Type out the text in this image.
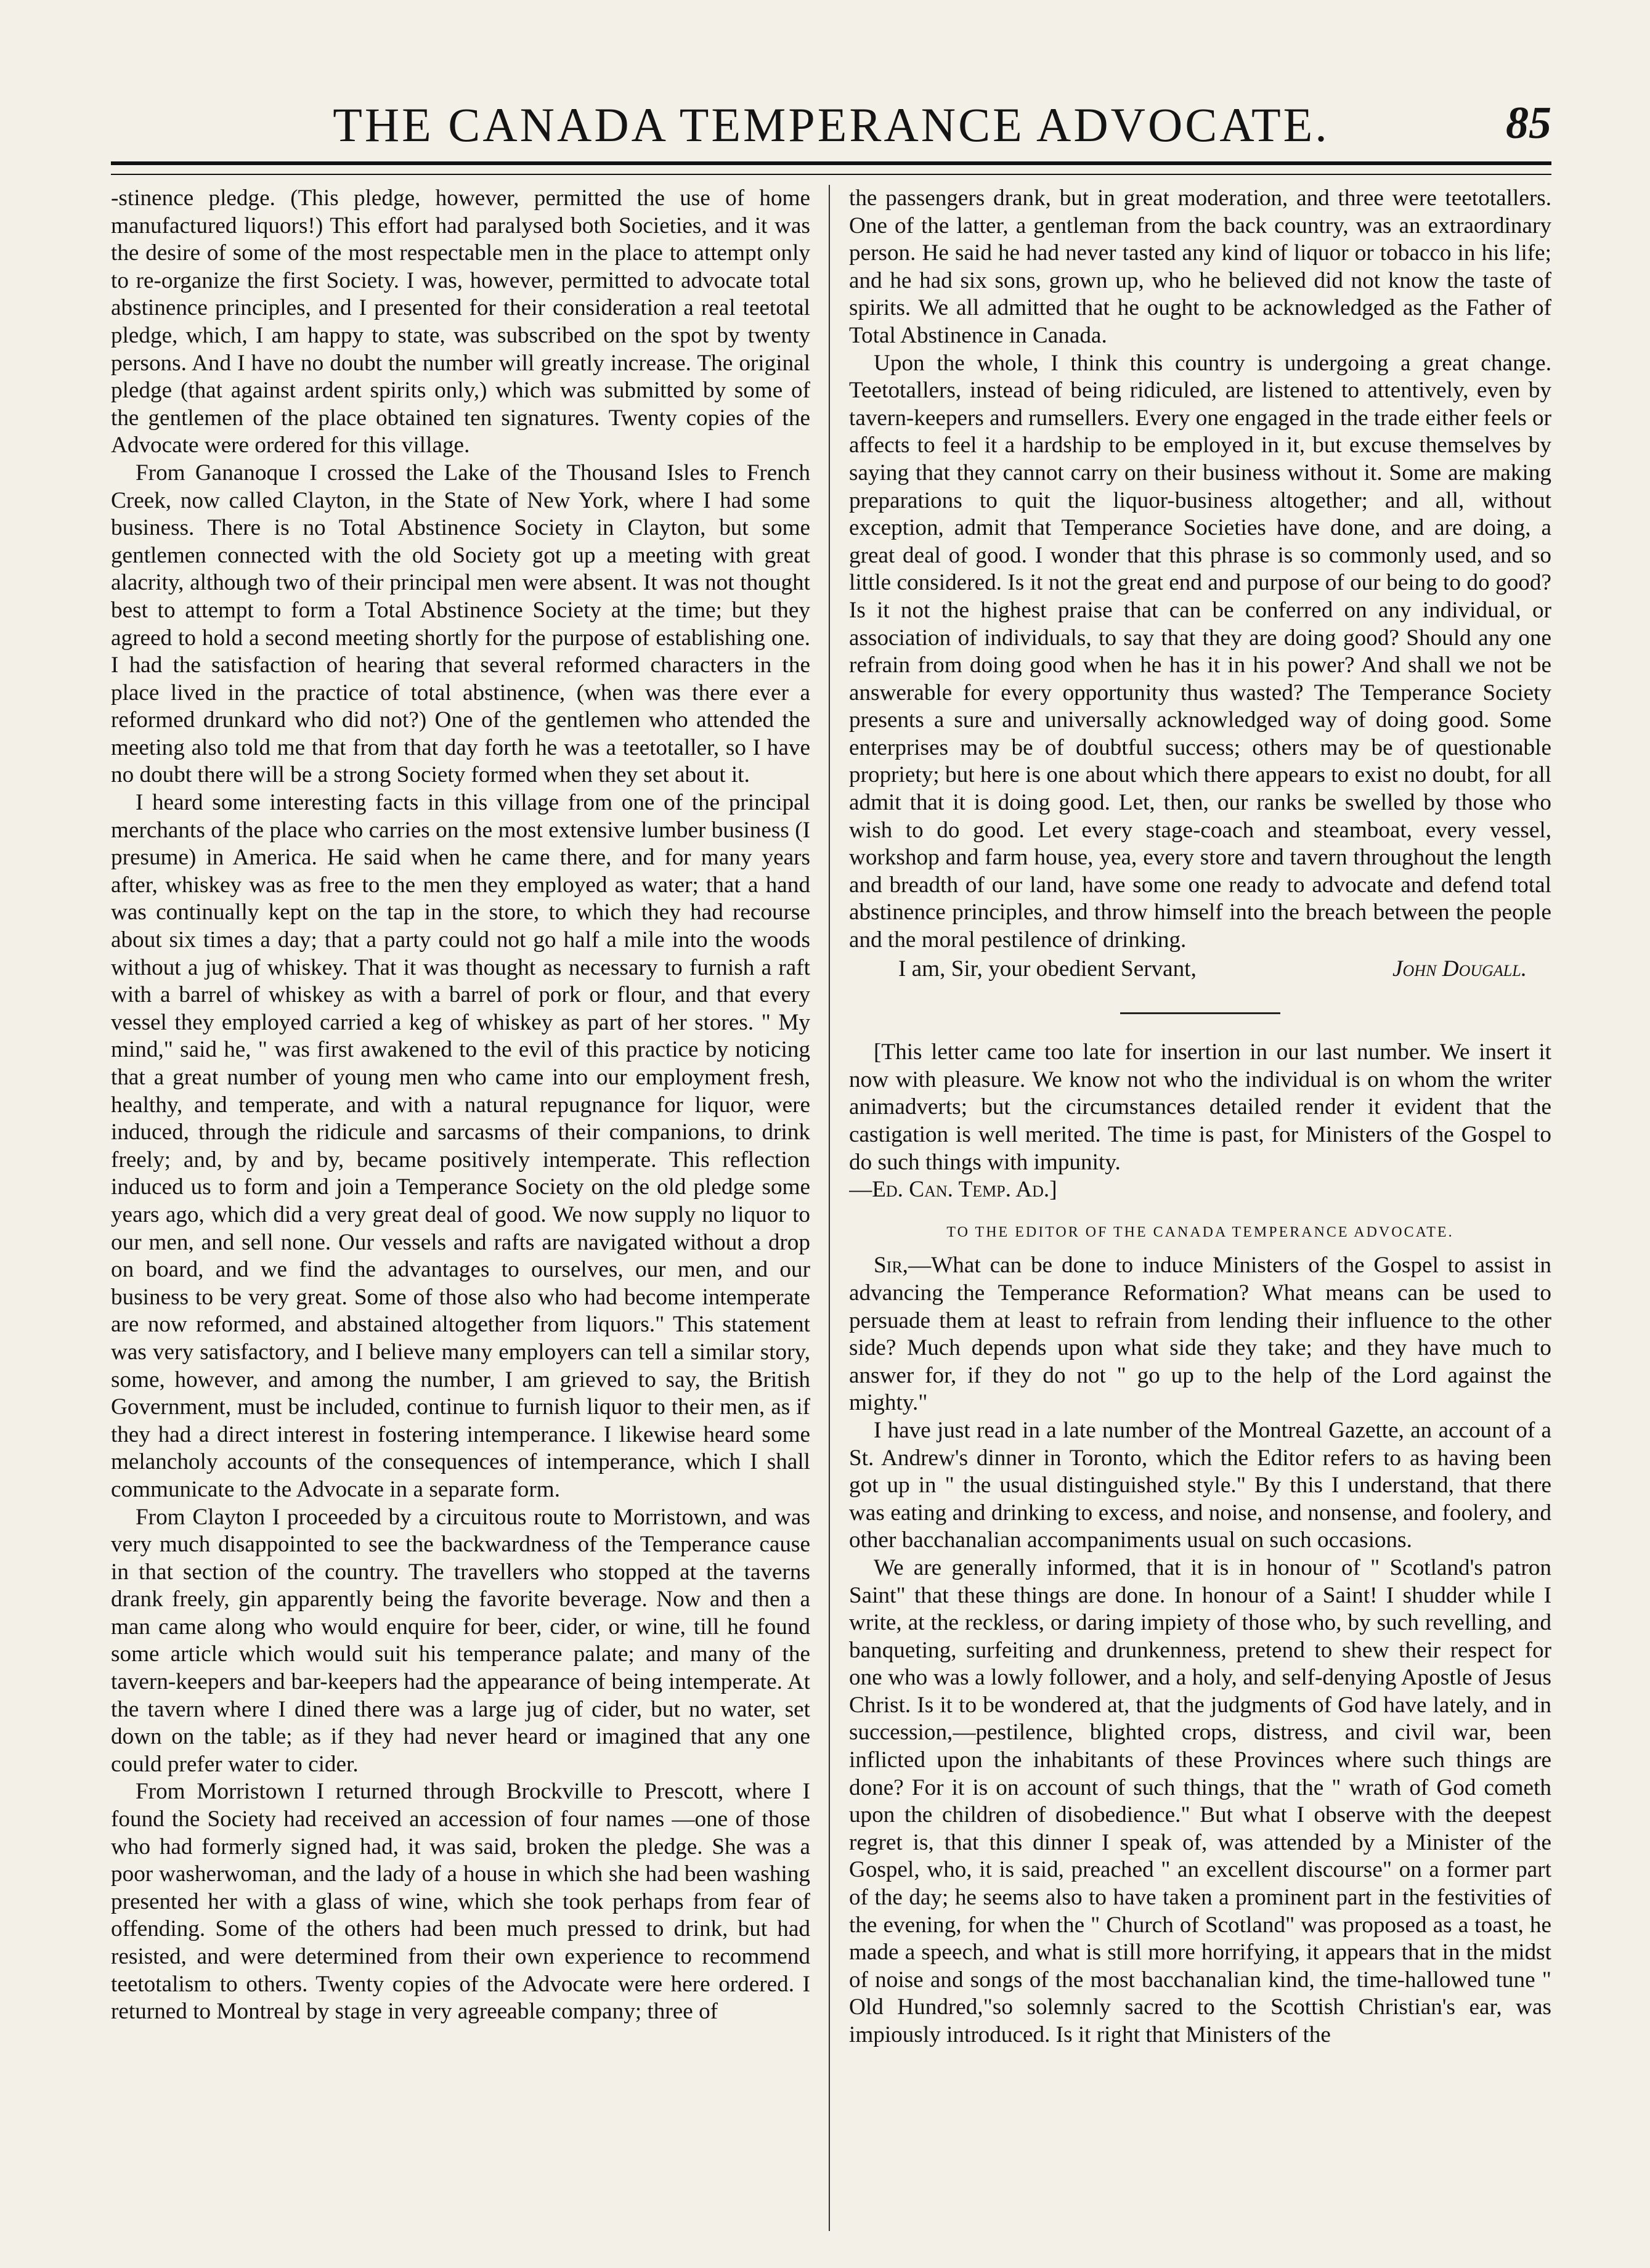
THE CANADA TEMPERANCE ADVOCATE.	85

-stinence pledge. (This pledge, however, permitted the use of home manufactured liquors!) This effort had paralysed both Societies, and it was the desire of some of the most respectable men in the place to attempt only to re-organize the first Society. I was, however, permitted to advocate total abstinence principles, and I presented for their consideration a real teetotal pledge, which, I am happy to state, was subscribed on the spot by twenty persons. And I have no doubt the number will greatly increase. The original pledge (that against ardent spirits only,) which was submitted by some of the gentlemen of the place obtained ten signatures. Twenty copies of the Advocate were ordered for this village.

From Gananoque I crossed the Lake of the Thousand Isles to French Creek, now called Clayton, in the State of New York, where I had some business. There is no Total Abstinence Society in Clayton, but some gentlemen connected with the old Society got up a meeting with great alacrity, although two of their principal men were absent. It was not thought best to attempt to form a Total Abstinence Society at the time; but they agreed to hold a second meeting shortly for the purpose of establishing one. I had the satisfaction of hearing that several reformed characters in the place lived in the practice of total abstinence, (when was there ever a reformed drunkard who did not?) One of the gentlemen who attended the meeting also told me that from that day forth he was a teetotaller, so I have no doubt there will be a strong Society formed when they set about it.

I heard some interesting facts in this village from one of the principal merchants of the place who carries on the most extensive lumber business (I presume) in America. He said when he came there, and for many years after, whiskey was as free to the men they employed as water; that a hand was continually kept on the tap in the store, to which they had recourse about six times a day; that a party could not go half a mile into the woods without a jug of whiskey. That it was thought as necessary to furnish a raft with a barrel of whiskey as with a barrel of pork or flour, and that every vessel they employed carried a keg of whiskey as part of her stores. " My mind," said he, " was first awakened to the evil of this practice by noticing that a great number of young men who came into our employment fresh, healthy, and temperate, and with a natural repugnance for liquor, were induced, through the ridicule and sarcasms of their companions, to drink freely; and, by and by, became positively intemperate. This reflection induced us to form and join a Temperance Society on the old pledge some years ago, which did a very great deal of good. We now supply no liquor to our men, and sell none. Our vessels and rafts are navigated without a drop on board, and we find the advantages to ourselves, our men, and our business to be very great. Some of those also who had become intemperate are now reformed, and abstained altogether from liquors." This statement was very satisfactory, and I believe many employers can tell a similar story, some, however, and among the number, I am grieved to say, the British Government, must be included, continue to furnish liquor to their men, as if they had a direct interest in fostering intemperance. I likewise heard some melancholy accounts of the consequences of intemperance, which I shall communicate to the Advocate in a separate form.

From Clayton I proceeded by a circuitous route to Morristown, and was very much disappointed to see the backwardness of the Temperance cause in that section of the country. The travellers who stopped at the taverns drank freely, gin apparently being the favorite beverage. Now and then a man came along who would enquire for beer, cider, or wine, till he found some article which would suit his temperance palate; and many of the tavern-keepers and bar-keepers had the appearance of being intemperate. At the tavern where I dined there was a large jug of cider, but no water, set down on the table; as if they had never heard or imagined that any one could prefer water to cider.

From Morristown I returned through Brockville to Prescott, where I found the Society had received an accession of four names —one of those who had formerly signed had, it was said, broken the pledge. She was a poor washerwoman, and the lady of a house in which she had been washing presented her with a glass of wine, which she took perhaps from fear of offending. Some of the others had been much pressed to drink, but had resisted, and were determined from their own experience to recommend teetotalism to others. Twenty copies of the Advocate were here ordered. I returned to Montreal by stage in very agreeable company; three of

the passengers drank, but in great moderation, and three were teetotallers. One of the latter, a gentleman from the back country, was an extraordinary person. He said he had never tasted any kind of liquor or tobacco in his life; and he had six sons, grown up, who he believed did not know the taste of spirits. We all admitted that he ought to be acknowledged as the Father of Total Abstinence in Canada.

Upon the whole, I think this country is undergoing a great change. Teetotallers, instead of being ridiculed, are listened to attentively, even by tavern-keepers and rumsellers. Every one engaged in the trade either feels or affects to feel it a hardship to be employed in it, but excuse themselves by saying that they cannot carry on their business without it. Some are making preparations to quit the liquor-business altogether; and all, without exception, admit that Temperance Societies have done, and are doing, a great deal of good. I wonder that this phrase is so commonly used, and so little considered. Is it not the great end and purpose of our being to do good? Is it not the highest praise that can be conferred on any individual, or association of individuals, to say that they are doing good? Should any one refrain from doing good when he has it in his power? And shall we not be answerable for every opportunity thus wasted? The Temperance Society presents a sure and universally acknowledged way of doing good. Some enterprises may be of doubtful success; others may be of questionable propriety; but here is one about which there appears to exist no doubt, for all admit that it is doing good. Let, then, our ranks be swelled by those who wish to do good. Let every stage-coach and steamboat, every vessel, workshop and farm house, yea, every store and tavern throughout the length and breadth of our land, have some one ready to advocate and defend total abstinence principles, and throw himself into the breach between the people and the moral pestilence of drinking.

I am, Sir, your obedient Servant,	John Dougall.

[This letter came too late for insertion in our last number. We insert it now with pleasure. We know not who the individual is on whom the writer animadverts; but the circumstances detailed render it evident that the castigation is well merited. The time is past, for Ministers of the Gospel to do such things with impunity.
—Ed. Can. Temp. Ad.]

TO THE EDITOR OF THE CANADA TEMPERANCE ADVOCATE.

Sir,—What can be done to induce Ministers of the Gospel to assist in advancing the Temperance Reformation? What means can be used to persuade them at least to refrain from lending their influence to the other side? Much depends upon what side they take; and they have much to answer for, if they do not " go up to the help of the Lord against the mighty."

I have just read in a late number of the Montreal Gazette, an account of a St. Andrew's dinner in Toronto, which the Editor refers to as having been got up in " the usual distinguished style." By this I understand, that there was eating and drinking to excess, and noise, and nonsense, and foolery, and other bacchanalian accompaniments usual on such occasions.

We are generally informed, that it is in honour of " Scotland's patron Saint" that these things are done. In honour of a Saint! I shudder while I write, at the reckless, or daring impiety of those who, by such revelling, and banqueting, surfeiting and drunkenness, pretend to shew their respect for one who was a lowly follower, and a holy, and self-denying Apostle of Jesus Christ. Is it to be wondered at, that the judgments of God have lately, and in succession,—pestilence, blighted crops, distress, and civil war, been inflicted upon the inhabitants of these Provinces where such things are done? For it is on account of such things, that the " wrath of God cometh upon the children of disobedience." But what I observe with the deepest regret is, that this dinner I speak of, was attended by a Minister of the Gospel, who, it is said, preached " an excellent discourse" on a former part of the day; he seems also to have taken a prominent part in the festivities of the evening, for when the " Church of Scotland" was proposed as a toast, he made a speech, and what is still more horrifying, it appears that in the midst of noise and songs of the most bacchanalian kind, the time-hallowed tune " Old Hundred,"so solemnly sacred to the Scottish Christian's ear, was impiously introduced. Is it right that Ministers of the
